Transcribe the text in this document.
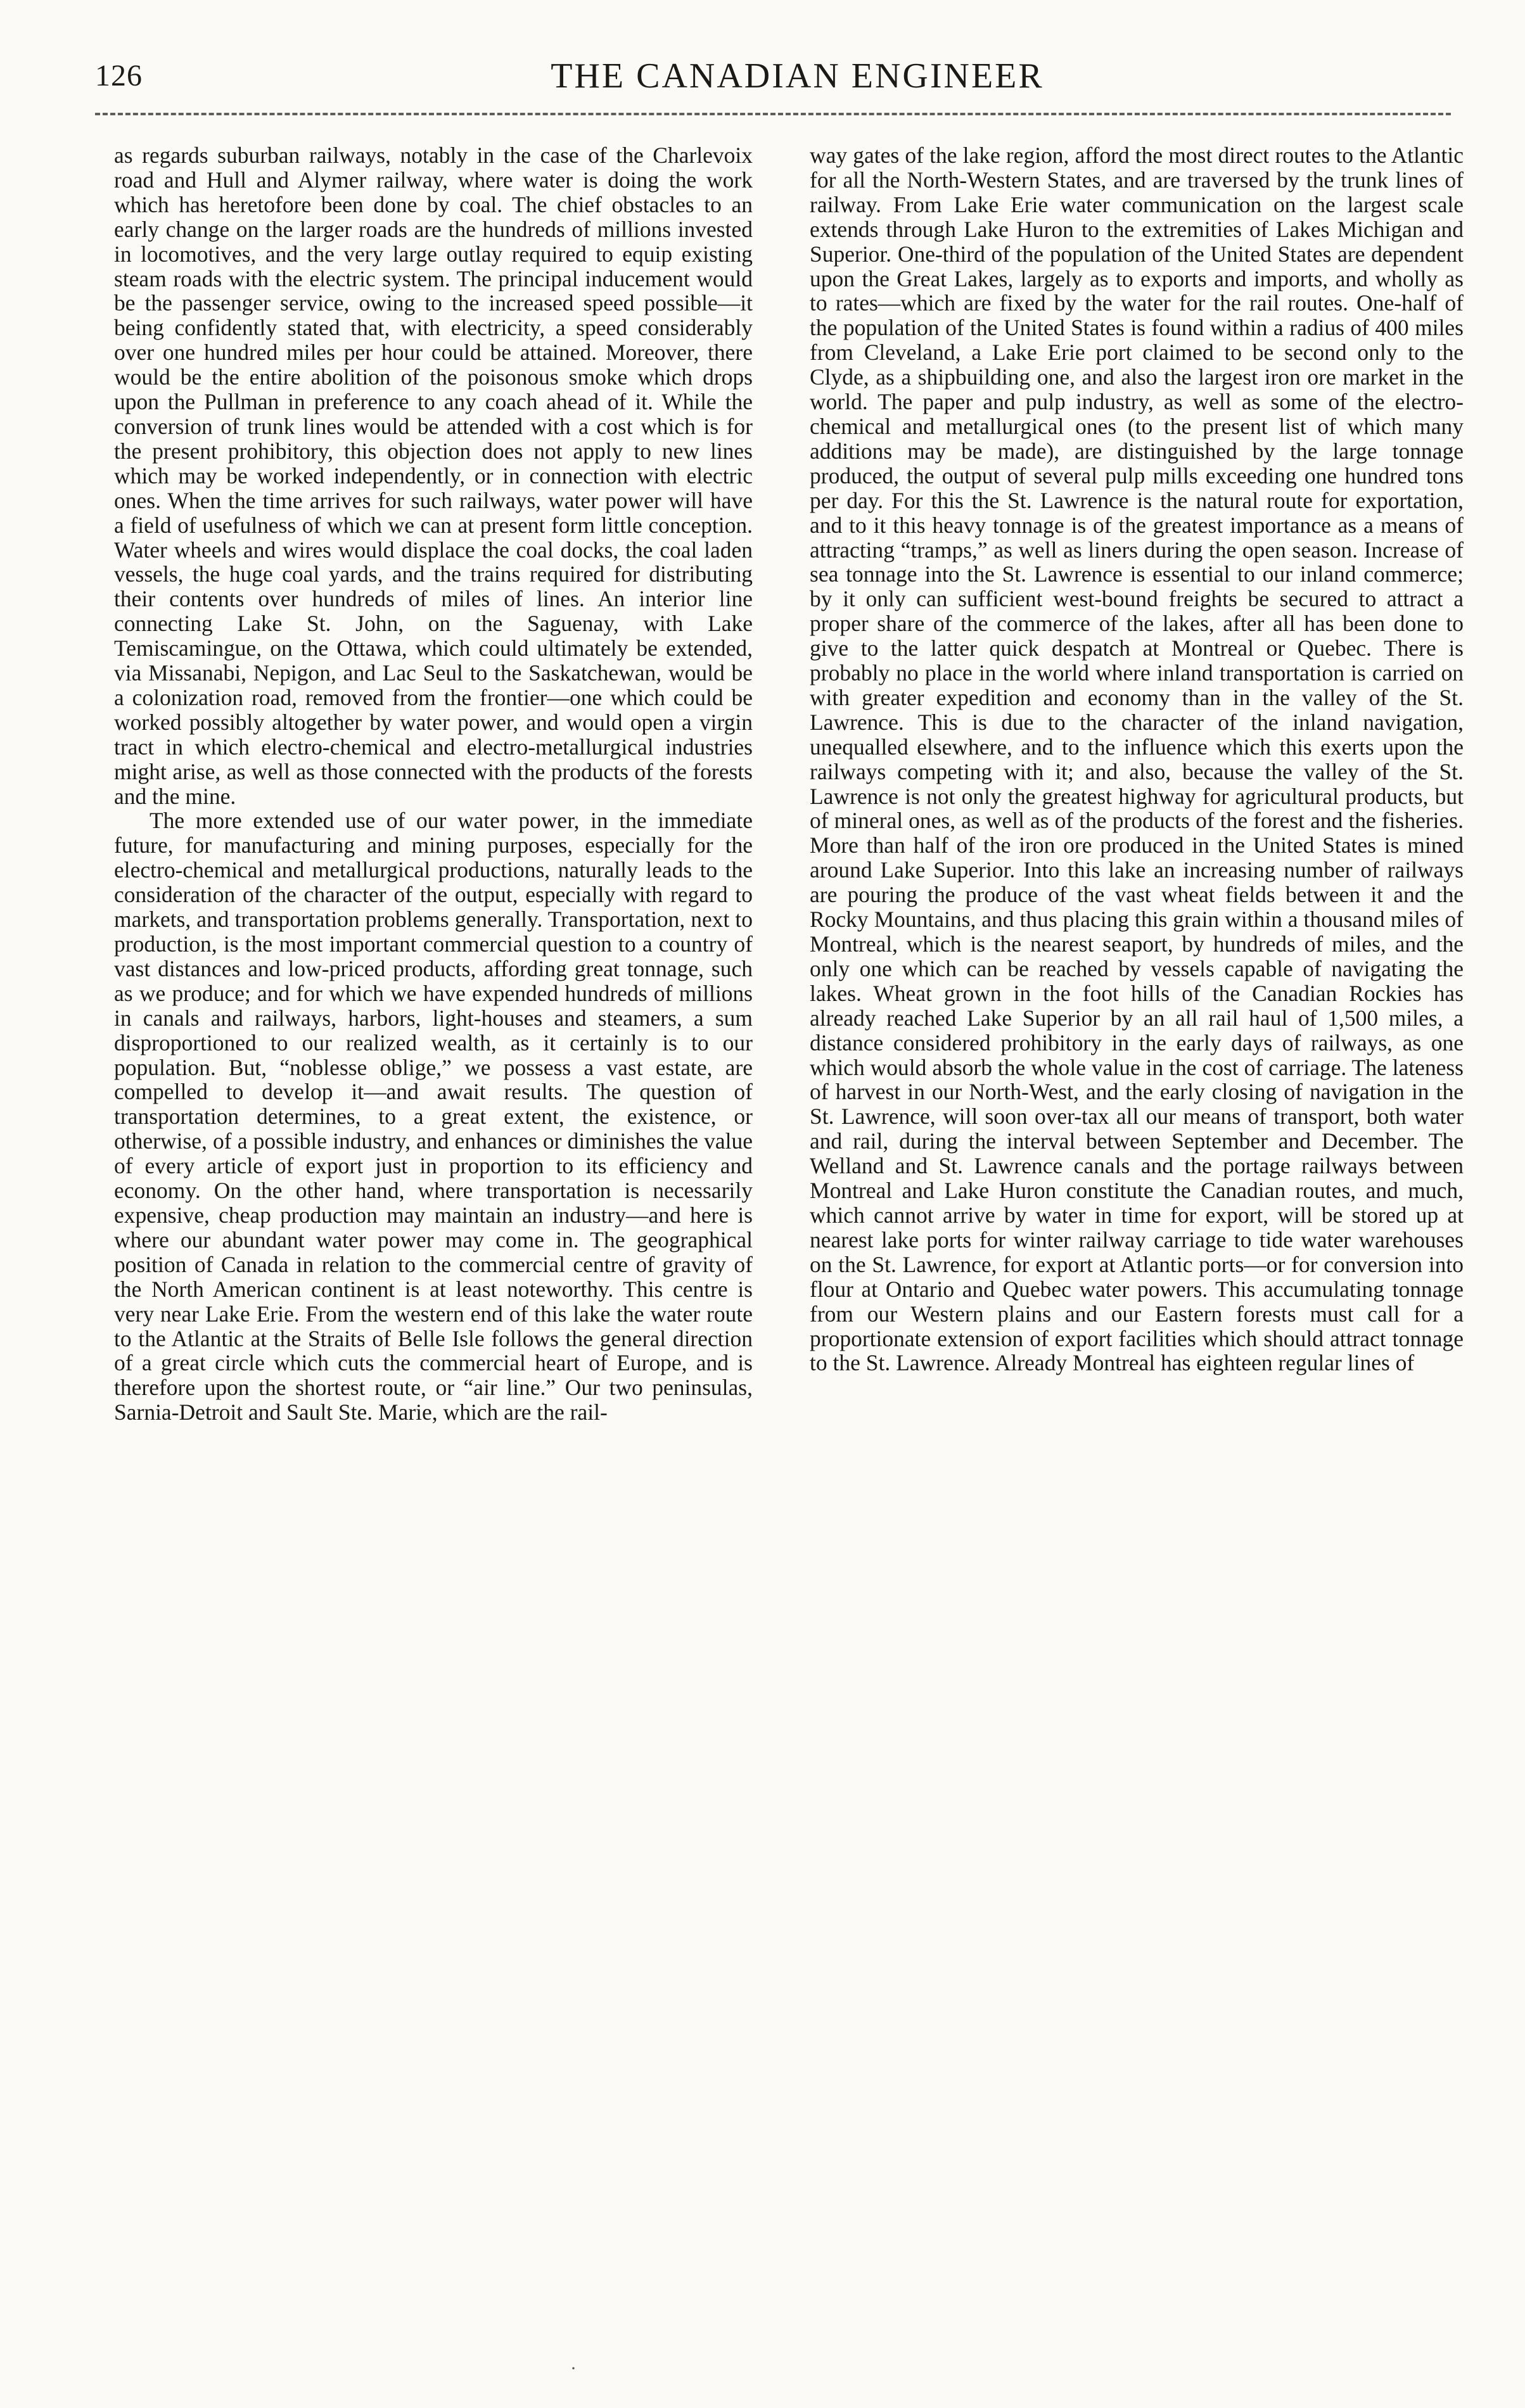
126	THE CANADIAN ENGINEER

as regards suburban railways, notably in the case of the Charlevoix road and Hull and Alymer railway, where water is doing the work which has heretofore been done by coal. The chief obstacles to an early change on the larger roads are the hundreds of millions invested in locomotives, and the very large outlay required to equip existing steam roads with the electric system. The principal inducement would be the passenger service, owing to the increased speed possible—it being confidently stated that, with electricity, a speed considerably over one hundred miles per hour could be attained. Moreover, there would be the entire abolition of the poisonous smoke which drops upon the Pullman in preference to any coach ahead of it. While the conversion of trunk lines would be attended with a cost which is for the present prohibitory, this objection does not apply to new lines which may be worked independently, or in connection with electric ones. When the time arrives for such railways, water power will have a field of usefulness of which we can at present form little conception. Water wheels and wires would displace the coal docks, the coal laden vessels, the huge coal yards, and the trains required for distributing their contents over hundreds of miles of lines. An interior line connecting Lake St. John, on the Saguenay, with Lake Temiscamingue, on the Ottawa, which could ultimately be extended, via Missanabi, Nepigon, and Lac Seul to the Saskatchewan, would be a colonization road, removed from the frontier—one which could be worked possibly altogether by water power, and would open a virgin tract in which electro-chemical and electro-metallurgical industries might arise, as well as those connected with the products of the forests and the mine.

The more extended use of our water power, in the immediate future, for manufacturing and mining purposes, especially for the electro-chemical and metallurgical productions, naturally leads to the consideration of the character of the output, especially with regard to markets, and transportation problems generally. Transportation, next to production, is the most important commercial question to a country of vast distances and low-priced products, affording great tonnage, such as we produce; and for which we have expended hundreds of millions in canals and railways, harbors, light-houses and steamers, a sum disproportioned to our realized wealth, as it certainly is to our population. But, “noblesse oblige,” we possess a vast estate, are compelled to develop it—and await results. The question of transportation determines, to a great extent, the existence, or otherwise, of a possible industry, and enhances or diminishes the value of every article of export just in proportion to its efficiency and economy. On the other hand, where transportation is necessarily expensive, cheap production may maintain an industry—and here is where our abundant water power may come in. The geographical position of Canada in relation to the commercial centre of gravity of the North American continent is at least noteworthy. This centre is very near Lake Erie. From the western end of this lake the water route to the Atlantic at the Straits of Belle Isle follows the general direction of a great circle which cuts the commercial heart of Europe, and is therefore upon the shortest route, or “air line.” Our two peninsulas, Sarnia-Detroit and Sault Ste. Marie, which are the rail-

way gates of the lake region, afford the most direct routes to the Atlantic for all the North-Western States, and are traversed by the trunk lines of railway. From Lake Erie water communication on the largest scale extends through Lake Huron to the extremities of Lakes Michigan and Superior. One-third of the population of the United States are dependent upon the Great Lakes, largely as to exports and imports, and wholly as to rates—which are fixed by the water for the rail routes. One-half of the population of the United States is found within a radius of 400 miles from Cleveland, a Lake Erie port claimed to be second only to the Clyde, as a shipbuilding one, and also the largest iron ore market in the world. The paper and pulp industry, as well as some of the electro-chemical and metallurgical ones (to the present list of which many additions may be made), are distinguished by the large tonnage produced, the output of several pulp mills exceeding one hundred tons per day. For this the St. Lawrence is the natural route for exportation, and to it this heavy tonnage is of the greatest importance as a means of attracting “tramps,” as well as liners during the open season. Increase of sea tonnage into the St. Lawrence is essential to our inland commerce; by it only can sufficient west-bound freights be secured to attract a proper share of the commerce of the lakes, after all has been done to give to the latter quick despatch at Montreal or Quebec. There is probably no place in the world where inland transportation is carried on with greater expedition and economy than in the valley of the St. Lawrence. This is due to the character of the inland navigation, unequalled elsewhere, and to the influence which this exerts upon the railways competing with it; and also, because the valley of the St. Lawrence is not only the greatest highway for agricultural products, but of mineral ones, as well as of the products of the forest and the fisheries. More than half of the iron ore produced in the United States is mined around Lake Superior. Into this lake an increasing number of railways are pouring the produce of the vast wheat fields between it and the Rocky Mountains, and thus placing this grain within a thousand miles of Montreal, which is the nearest seaport, by hundreds of miles, and the only one which can be reached by vessels capable of navigating the lakes. Wheat grown in the foot hills of the Canadian Rockies has already reached Lake Superior by an all rail haul of 1,500 miles, a distance considered prohibitory in the early days of railways, as one which would absorb the whole value in the cost of carriage. The lateness of harvest in our North-West, and the early closing of navigation in the St. Lawrence, will soon over-tax all our means of transport, both water and rail, during the interval between September and December. The Welland and St. Lawrence canals and the portage railways between Montreal and Lake Huron constitute the Canadian routes, and much, which cannot arrive by water in time for export, will be stored up at nearest lake ports for winter railway carriage to tide water warehouses on the St. Lawrence, for export at Atlantic ports—or for conversion into flour at Ontario and Quebec water powers. This accumulating tonnage from our Western plains and our Eastern forests must call for a proportionate extension of export facilities which should attract tonnage to the St. Lawrence. Already Montreal has eighteen regular lines of

·
